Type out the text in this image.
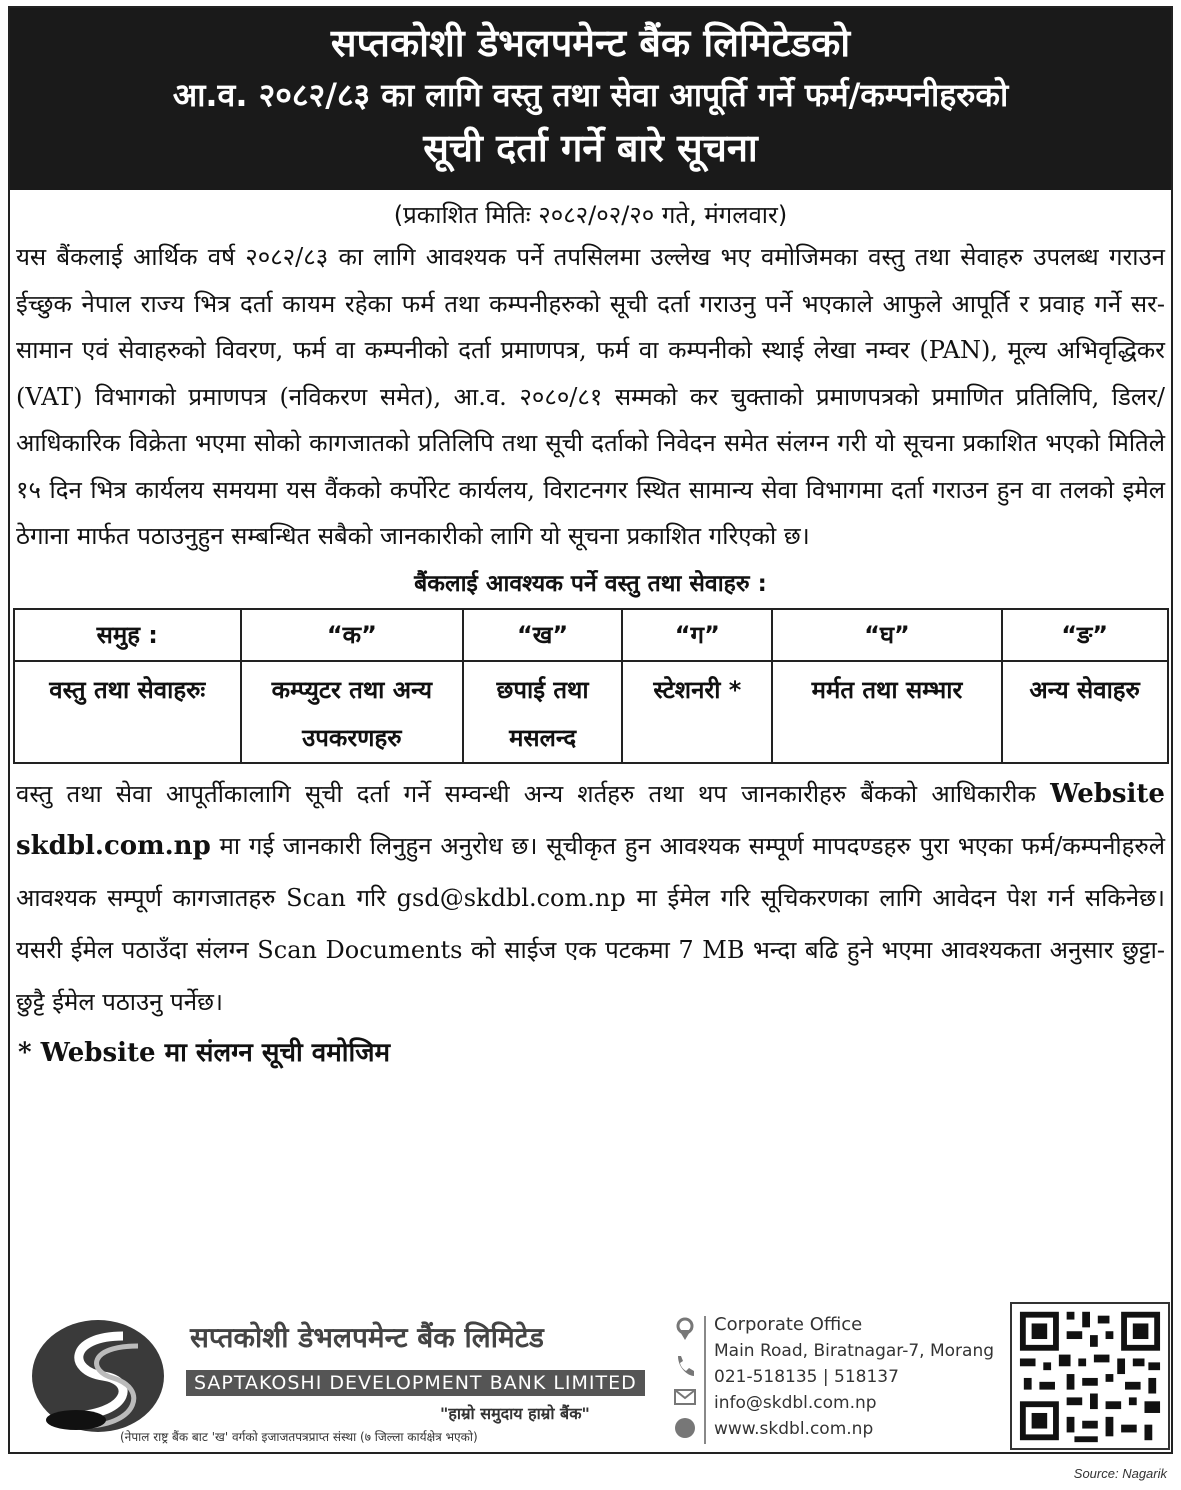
सप्तकोशी डेभलपमेन्ट बैंक लिमिटेडको
आ.व. २०८२/८३ का लागि वस्तु तथा सेवा आपूर्ति गर्ने फर्म/कम्पनीहरुको
सूची दर्ता गर्ने बारे सूचना
(प्रकाशित मितिः २०८२/०२/२० गते, मंगलवार)
यस बैंकलाई आर्थिक वर्ष २०८२/८३ का लागि आवश्यक पर्ने तपसिलमा उल्लेख भए वमोजिमका वस्तु तथा सेवाहरु उपलब्ध गराउन ईच्छुक नेपाल राज्य भित्र दर्ता कायम रहेका फर्म तथा कम्पनीहरुको सूची दर्ता गराउनु पर्ने भएकाले आफुले आपूर्ति र प्रवाह गर्ने सर-सामान एवं सेवाहरुको विवरण, फर्म वा कम्पनीको दर्ता प्रमाणपत्र, फर्म वा कम्पनीको स्थाई लेखा नम्वर (PAN), मूल्य अभिवृद्धिकर (VAT) विभागको प्रमाणपत्र (नविकरण समेत), आ.व. २०८०/८१ सम्मको कर चुक्ताको प्रमाणपत्रको प्रमाणित प्रतिलिपि, डिलर/आधिकारिक विक्रेता भएमा सोको कागजातको प्रतिलिपि तथा सूची दर्ताको निवेदन समेत संलग्न गरी यो सूचना प्रकाशित भएको मितिले १५ दिन भित्र कार्यलय समयमा यस वैंकको कर्पोरेट कार्यलय, विराटनगर स्थित सामान्य सेवा विभागमा दर्ता गराउन हुन वा तलको इमेल ठेगाना मार्फत पठाउनुहुन सम्बन्धित सबैको जानकारीको लागि यो सूचना प्रकाशित गरिएको छ।
बैंकलाई आवश्यक पर्ने वस्तु तथा सेवाहरु :
समुह :	“क”	“ख”	“ग”	“घ”	“ङ”
वस्तु तथा सेवाहरुः	कम्प्युटर तथा अन्य उपकरणहरु	छपाई तथा मसलन्द	स्टेशनरी *	मर्मत तथा सम्भार	अन्य सेवाहरु
वस्तु तथा सेवा आपूर्तीकालागि सूची दर्ता गर्ने सम्वन्धी अन्य शर्तहरु तथा थप जानकारीहरु बैंकको आधिकारीक Website skdbl.com.np मा गई जानकारी लिनुहुन अनुरोध छ। सूचीकृत हुन आवश्यक सम्पूर्ण मापदण्डहरु पुरा भएका फर्म/कम्पनीहरुले आवश्यक सम्पूर्ण कागजातहरु Scan गरि gsd@skdbl.com.np मा ईमेल गरि सूचिकरणका लागि आवेदन पेश गर्न सकिनेछ। यसरी ईमेल पठाउँदा संलग्न Scan Documents को साईज एक पटकमा 7 MB भन्दा बढि हुने भएमा आवश्यकता अनुसार छुट्टा-छुट्टै ईमेल पठाउनु पर्नेछ।
* Website मा संलग्न सूची वमोजिम
सप्तकोशी डेभलपमेन्ट बैंक लिमिटेड
SAPTAKOSHI DEVELOPMENT BANK LIMITED
"हाम्रो समुदाय हाम्रो बैंक"
(नेपाल राष्ट्र बैंक बाट 'ख' वर्गको इजाजतपत्रप्राप्त संस्था (७ जिल्ला कार्यक्षेत्र भएको)
Corporate Office
Main Road, Biratnagar-7, Morang
021-518135 | 518137
info@skdbl.com.np
www.skdbl.com.np
Source: Nagarik
